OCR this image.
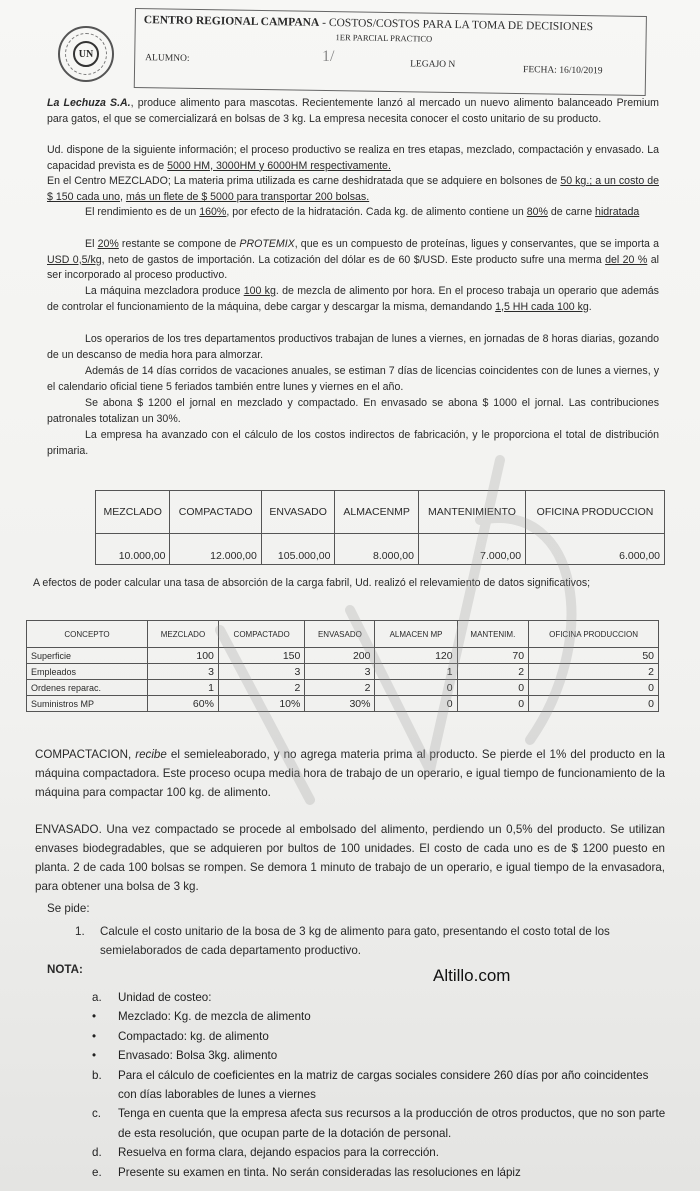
UN
CENTRO REGIONAL CAMPANA - COSTOS/COSTOS PARA LA TOMA DE DECISIONES
1ER PARCIAL PRACTICO
ALUMNO:
LEGAJO N
FECHA: 16/10/2019
1/
La Lechuza S.A., produce alimento para mascotas. Recientemente lanzó al mercado un nuevo alimento balanceado Premium para gatos, el que se comercializará en bolsas de 3 kg. La empresa necesita conocer el costo unitario de su producto.
Ud. dispone de la siguiente información; el proceso productivo se realiza en tres etapas, mezclado, compactación y envasado. La capacidad prevista es de 5000 HM, 3000HM y 6000HM respectivamente.
En el Centro MEZCLADO; La materia prima utilizada es carne deshidratada que se adquiere en bolsones de 50 kg.; a un costo de $ 150 cada uno, más un flete de $ 5000 para transportar 200 bolsas.
El rendimiento es de un 160%, por efecto de la hidratación. Cada kg. de alimento contiene un 80% de carne hidratada
El 20% restante se compone de PROTEMIX, que es un compuesto de proteínas, ligues y conservantes, que se importa a USD 0,5/kg, neto de gastos de importación. La cotización del dólar es de 60 $/USD. Este producto sufre una merma del 20 % al ser incorporado al proceso productivo.
La máquina mezcladora produce 100 kg. de mezcla de alimento por hora. En el proceso trabaja un operario que además de controlar el funcionamiento de la máquina, debe cargar y descargar la misma, demandando 1,5 HH cada 100 kg.
Los operarios de los tres departamentos productivos trabajan de lunes a viernes, en jornadas de 8 horas diarias, gozando de un descanso de media hora para almorzar.
Además de 14 días corridos de vacaciones anuales, se estiman 7 días de licencias coincidentes con de lunes a viernes, y el calendario oficial tiene 5 feriados también entre lunes y viernes en el año.
Se abona $ 1200 el jornal en mezclado y compactado. En envasado se abona $ 1000 el jornal. Las contribuciones patronales totalizan un 30%.
La empresa ha avanzado con el cálculo de los costos indirectos de fabricación, y le proporciona el total de distribución primaria.
MEZCLADO	COMPACTADO	ENVASADO	ALMACENMP	MANTENIMIENTO	OFICINA PRODUCCION
10.000,00	12.000,00	105.000,00	8.000,00	7.000,00	6.000,00
A efectos de poder calcular una tasa de absorción de la carga fabril, Ud. realizó el relevamiento de datos significativos;
CONCEPTO	MEZCLADO	COMPACTADO	ENVASADO	ALMACEN MP	MANTENIM.	OFICINA PRODUCCION
Superficie	100	150	200	120	70	50
Empleados	3	3	3	1	2	2
Ordenes reparac.	1	2	2	0	0	0
Suministros MP	60%	10%	30%	0	0	0
COMPACTACION, recibe el semieleaborado, y no agrega materia prima al producto. Se pierde el 1% del producto en la máquina compactadora. Este proceso ocupa media hora de trabajo de un operario, e igual tiempo de funcionamiento de la máquina para compactar 100 kg. de alimento.
ENVASADO. Una vez compactado se procede al embolsado del alimento, perdiendo un 0,5% del producto. Se utilizan envases biodegradables, que se adquieren por bultos de 100 unidades. El costo de cada uno es de $ 1200 puesto en planta. 2 de cada 100 bolsas se rompen. Se demora 1 minuto de trabajo de un operario, e igual tiempo de la envasadora, para obtener una bolsa de 3 kg.
Se pide:
1. Calcule el costo unitario de la bosa de 3 kg de alimento para gato, presentando el costo total de los semielaborados de cada departamento productivo.
NOTA:	Altillo.com
a. Unidad de costeo:
• Mezclado: Kg. de mezcla de alimento
• Compactado: kg. de alimento
• Envasado: Bolsa 3kg. alimento
b. Para el cálculo de coeficientes en la matriz de cargas sociales considere 260 días por año coincidentes con días laborables de lunes a viernes
c. Tenga en cuenta que la empresa afecta sus recursos a la producción de otros productos, que no son parte de esta resolución, que ocupan parte de la dotación de personal.
d. Resuelva en forma clara, dejando espacios para la corrección.
e. Presente su examen en tinta. No serán consideradas las resoluciones en lápiz
